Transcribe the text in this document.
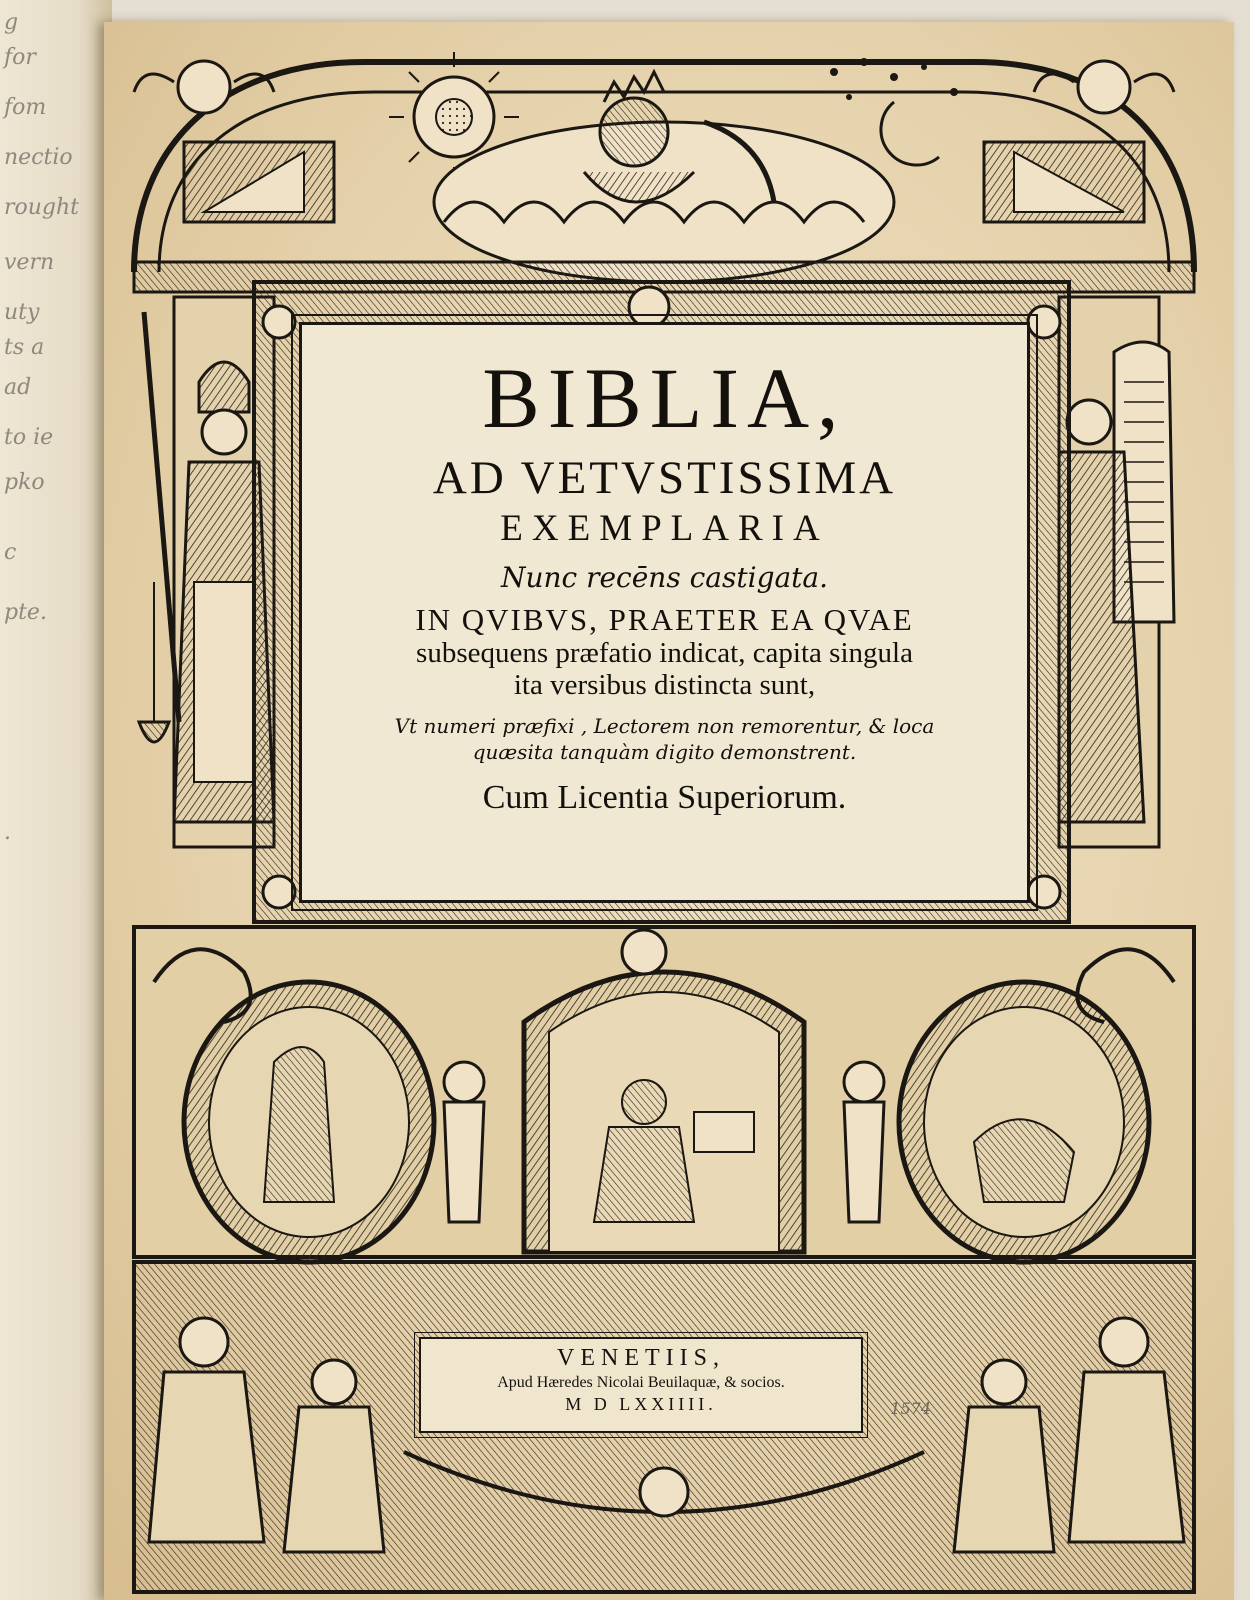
g
for
fom
nectio
rought
vern
uty
ts a
ad
to ie
pko
c
pte.
.
BIBLIA,
AD VETVSTISSIMA
EXEMPLARIA
Nunc recēns castigata.
IN QVIBVS, PRAETER EA QVAE
subsequens præfatio indicat, capita singula
ita versibus distincta sunt,
Vt numeri præfixi , Lectorem non remorentur, & loca
quæsita tanquàm digito demonstrent.
Cum Licentia Superiorum.
VENETIIS,
Apud Hæredes Nicolai Beuilaquæ, & socios.
M D LXXIIII.	1574
